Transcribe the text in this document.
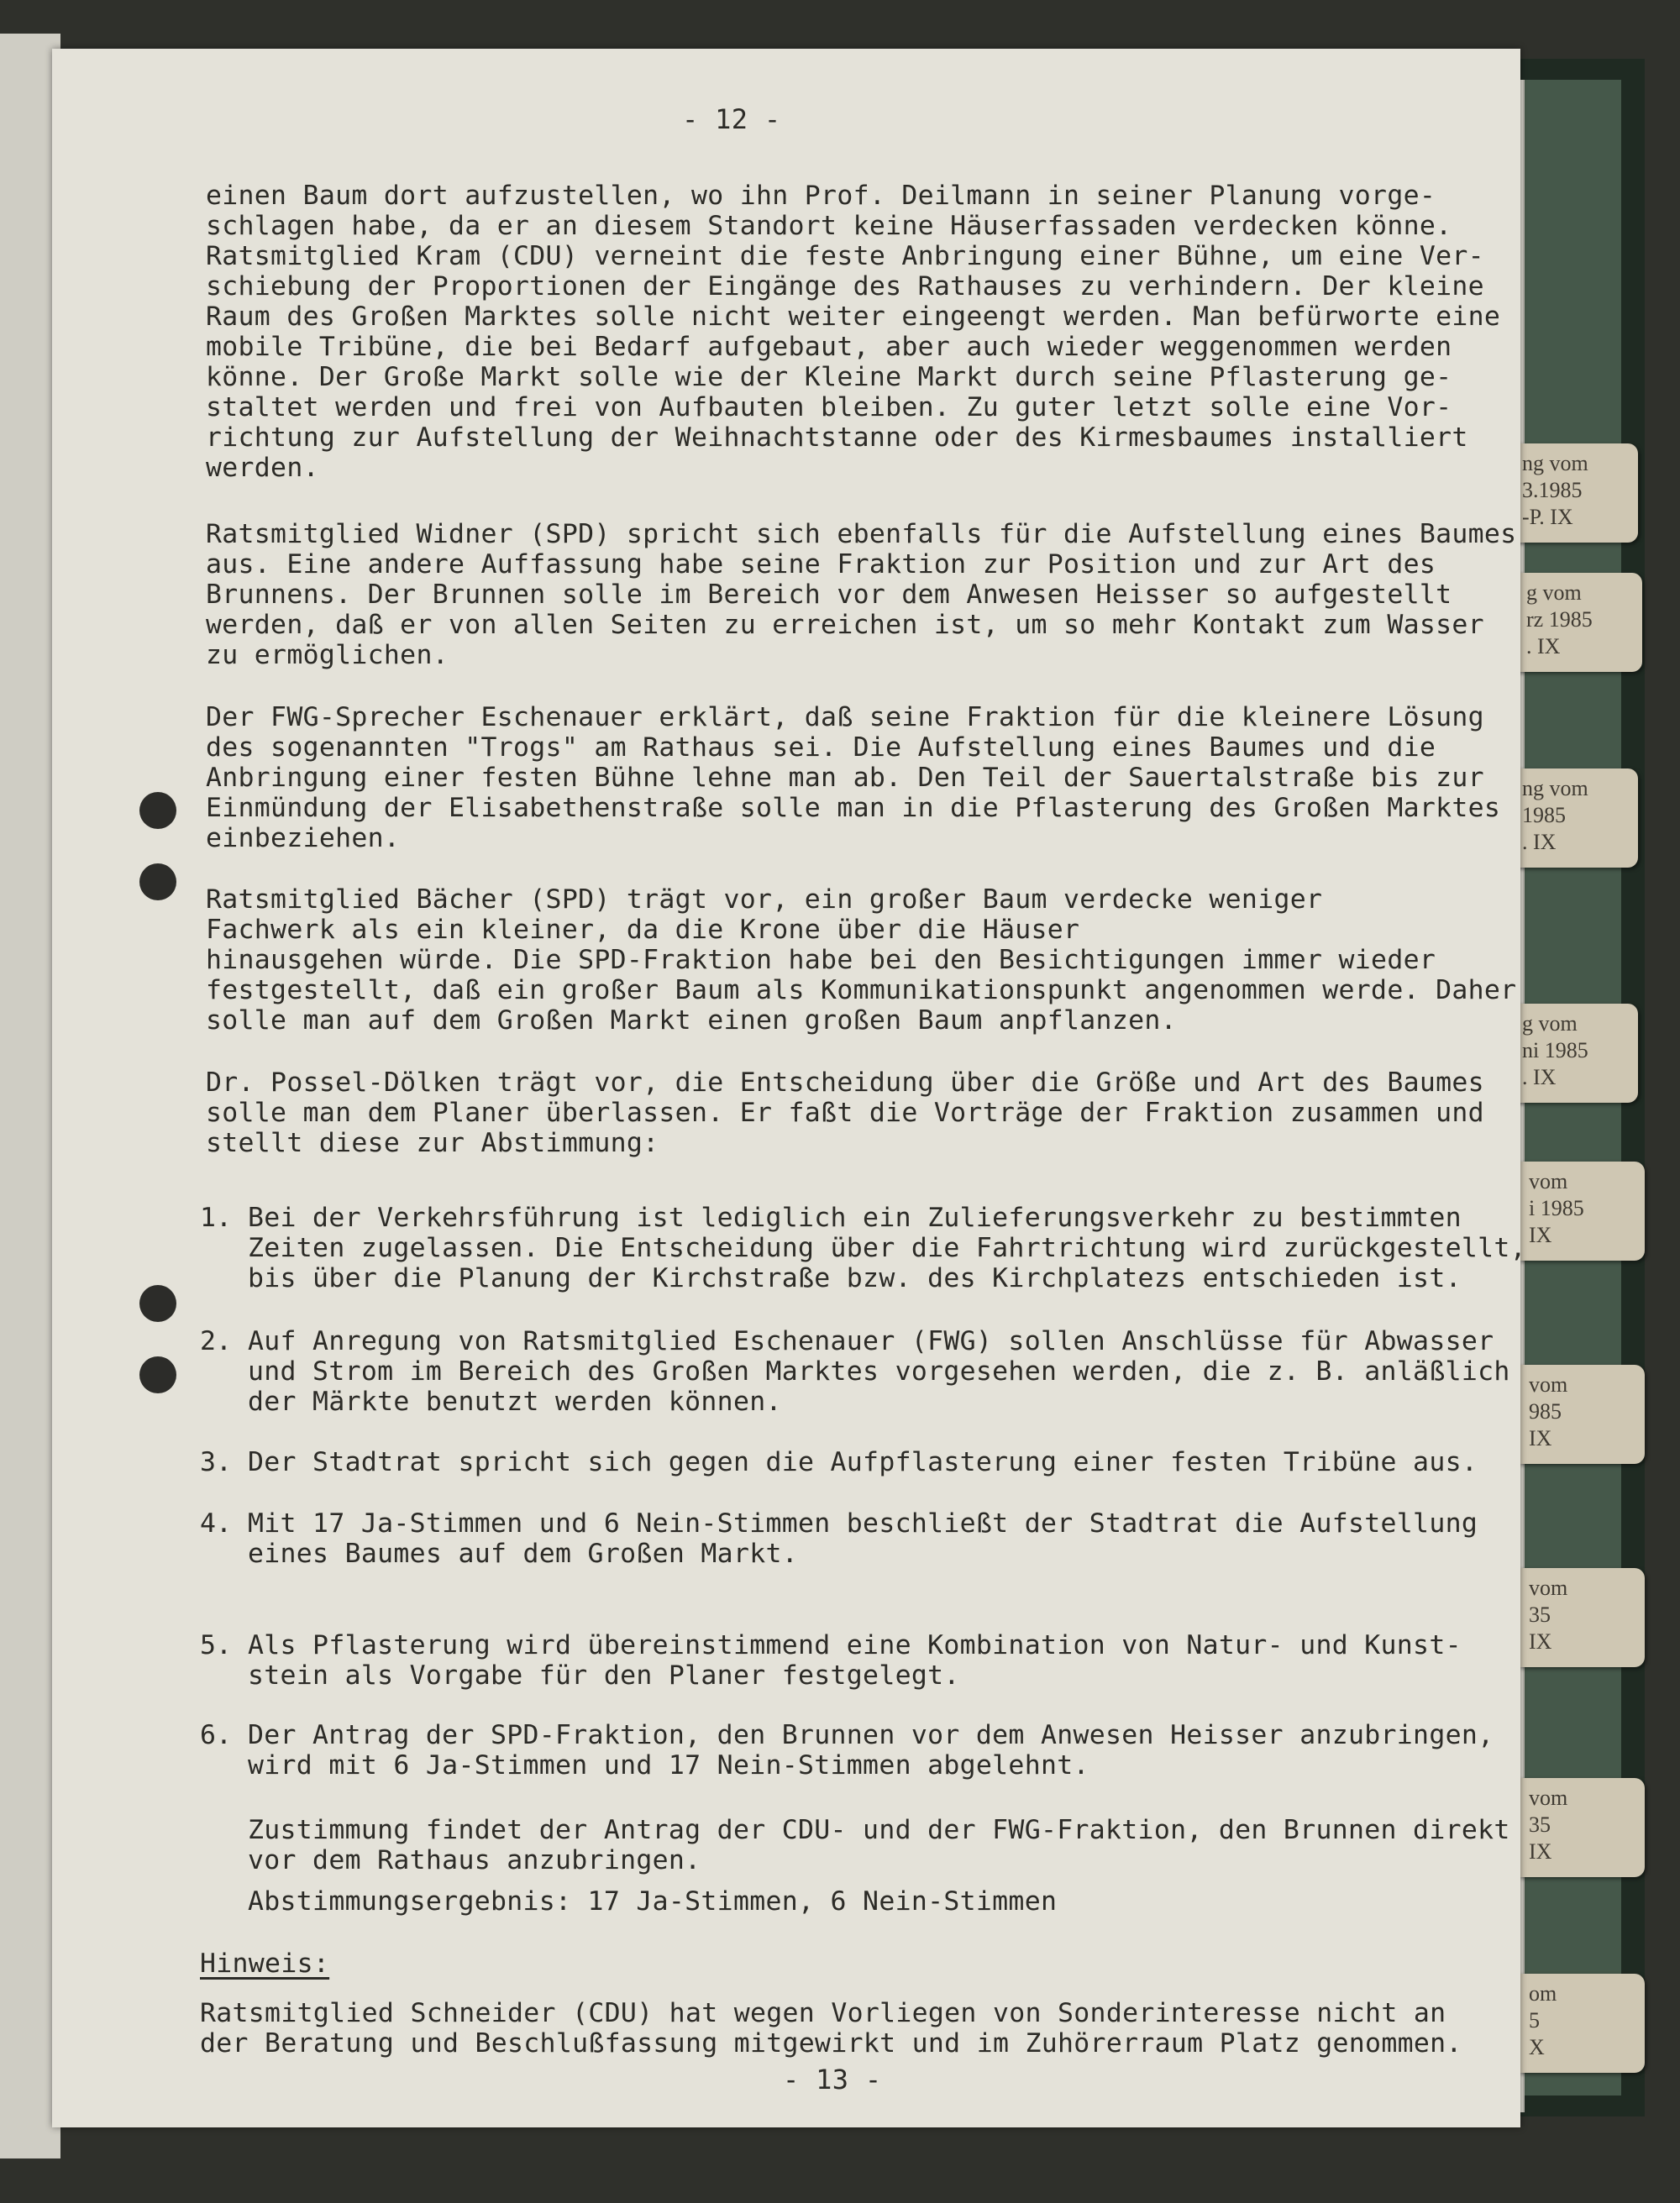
ng vom
3.1985
-P. IX
g vom
rz 1985
. IX
ng vom
1985
. IX
g vom
ni 1985
. IX
vom
i 1985
IX
vom
985
IX
vom
35
IX
vom
35
IX
om
5
X
- 12 -
einen Baum dort aufzustellen, wo ihn Prof. Deilmann in seiner Planung vorge-
schlagen habe, da er an diesem Standort keine Häuserfassaden verdecken könne.
Ratsmitglied Kram (CDU) verneint die feste Anbringung einer Bühne, um eine Ver-
schiebung der Proportionen der Eingänge des Rathauses zu verhindern. Der kleine
Raum des Großen Marktes solle nicht weiter eingeengt werden. Man befürworte eine
mobile Tribüne, die bei Bedarf aufgebaut, aber auch wieder weggenommen werden
könne. Der Große Markt solle wie der Kleine Markt durch seine Pflasterung ge-
staltet werden und frei von Aufbauten bleiben. Zu guter letzt solle eine Vor-
richtung zur Aufstellung der Weihnachtstanne oder des Kirmesbaumes installiert
werden.
Ratsmitglied Widner (SPD) spricht sich ebenfalls für die Aufstellung eines Baumes
aus. Eine andere Auffassung habe seine Fraktion zur Position und zur Art des
Brunnens. Der Brunnen solle im Bereich vor dem Anwesen Heisser so aufgestellt
werden, daß er von allen Seiten zu erreichen ist, um so mehr Kontakt zum Wasser
zu ermöglichen.
Der FWG-Sprecher Eschenauer erklärt, daß seine Fraktion für die kleinere Lösung
des sogenannten "Trogs" am Rathaus sei. Die Aufstellung eines Baumes und die
Anbringung einer festen Bühne lehne man ab. Den Teil der Sauertalstraße bis zur
Einmündung der Elisabethenstraße solle man in die Pflasterung des Großen Marktes
einbeziehen.
Ratsmitglied Bächer (SPD) trägt vor, ein großer Baum verdecke weniger
Fachwerk als ein kleiner, da die Krone über die Häuser
hinausgehen würde. Die SPD-Fraktion habe bei den Besichtigungen immer wieder
festgestellt, daß ein großer Baum als Kommunikationspunkt angenommen werde. Daher
solle man auf dem Großen Markt einen großen Baum anpflanzen.
Dr. Possel-Dölken trägt vor, die Entscheidung über die Größe und Art des Baumes
solle man dem Planer überlassen. Er faßt die Vorträge der Fraktion zusammen und
stellt diese zur Abstimmung:
1. Bei der Verkehrsführung ist lediglich ein Zulieferungsverkehr zu bestimmten
Zeiten zugelassen. Die Entscheidung über die Fahrtrichtung wird zurückgestellt,
bis über die Planung der Kirchstraße bzw. des Kirchplatezs entschieden ist.
2. Auf Anregung von Ratsmitglied Eschenauer (FWG) sollen Anschlüsse für Abwasser
und Strom im Bereich des Großen Marktes vorgesehen werden, die z. B. anläßlich
der Märkte benutzt werden können.
3. Der Stadtrat spricht sich gegen die Aufpflasterung einer festen Tribüne aus.
4. Mit 17 Ja-Stimmen und 6 Nein-Stimmen beschließt der Stadtrat die Aufstellung
eines Baumes auf dem Großen Markt.
5. Als Pflasterung wird übereinstimmend eine Kombination von Natur- und Kunst-
stein als Vorgabe für den Planer festgelegt.
6. Der Antrag der SPD-Fraktion, den Brunnen vor dem Anwesen Heisser anzubringen,
wird mit 6 Ja-Stimmen und 17 Nein-Stimmen abgelehnt.
Zustimmung findet der Antrag der CDU- und der FWG-Fraktion, den Brunnen direkt
vor dem Rathaus anzubringen.
Abstimmungsergebnis: 17 Ja-Stimmen, 6 Nein-Stimmen
Hinweis:
Ratsmitglied Schneider (CDU) hat wegen Vorliegen von Sonderinteresse nicht an
der Beratung und Beschlußfassung mitgewirkt und im Zuhörerraum Platz genommen.
- 13 -
